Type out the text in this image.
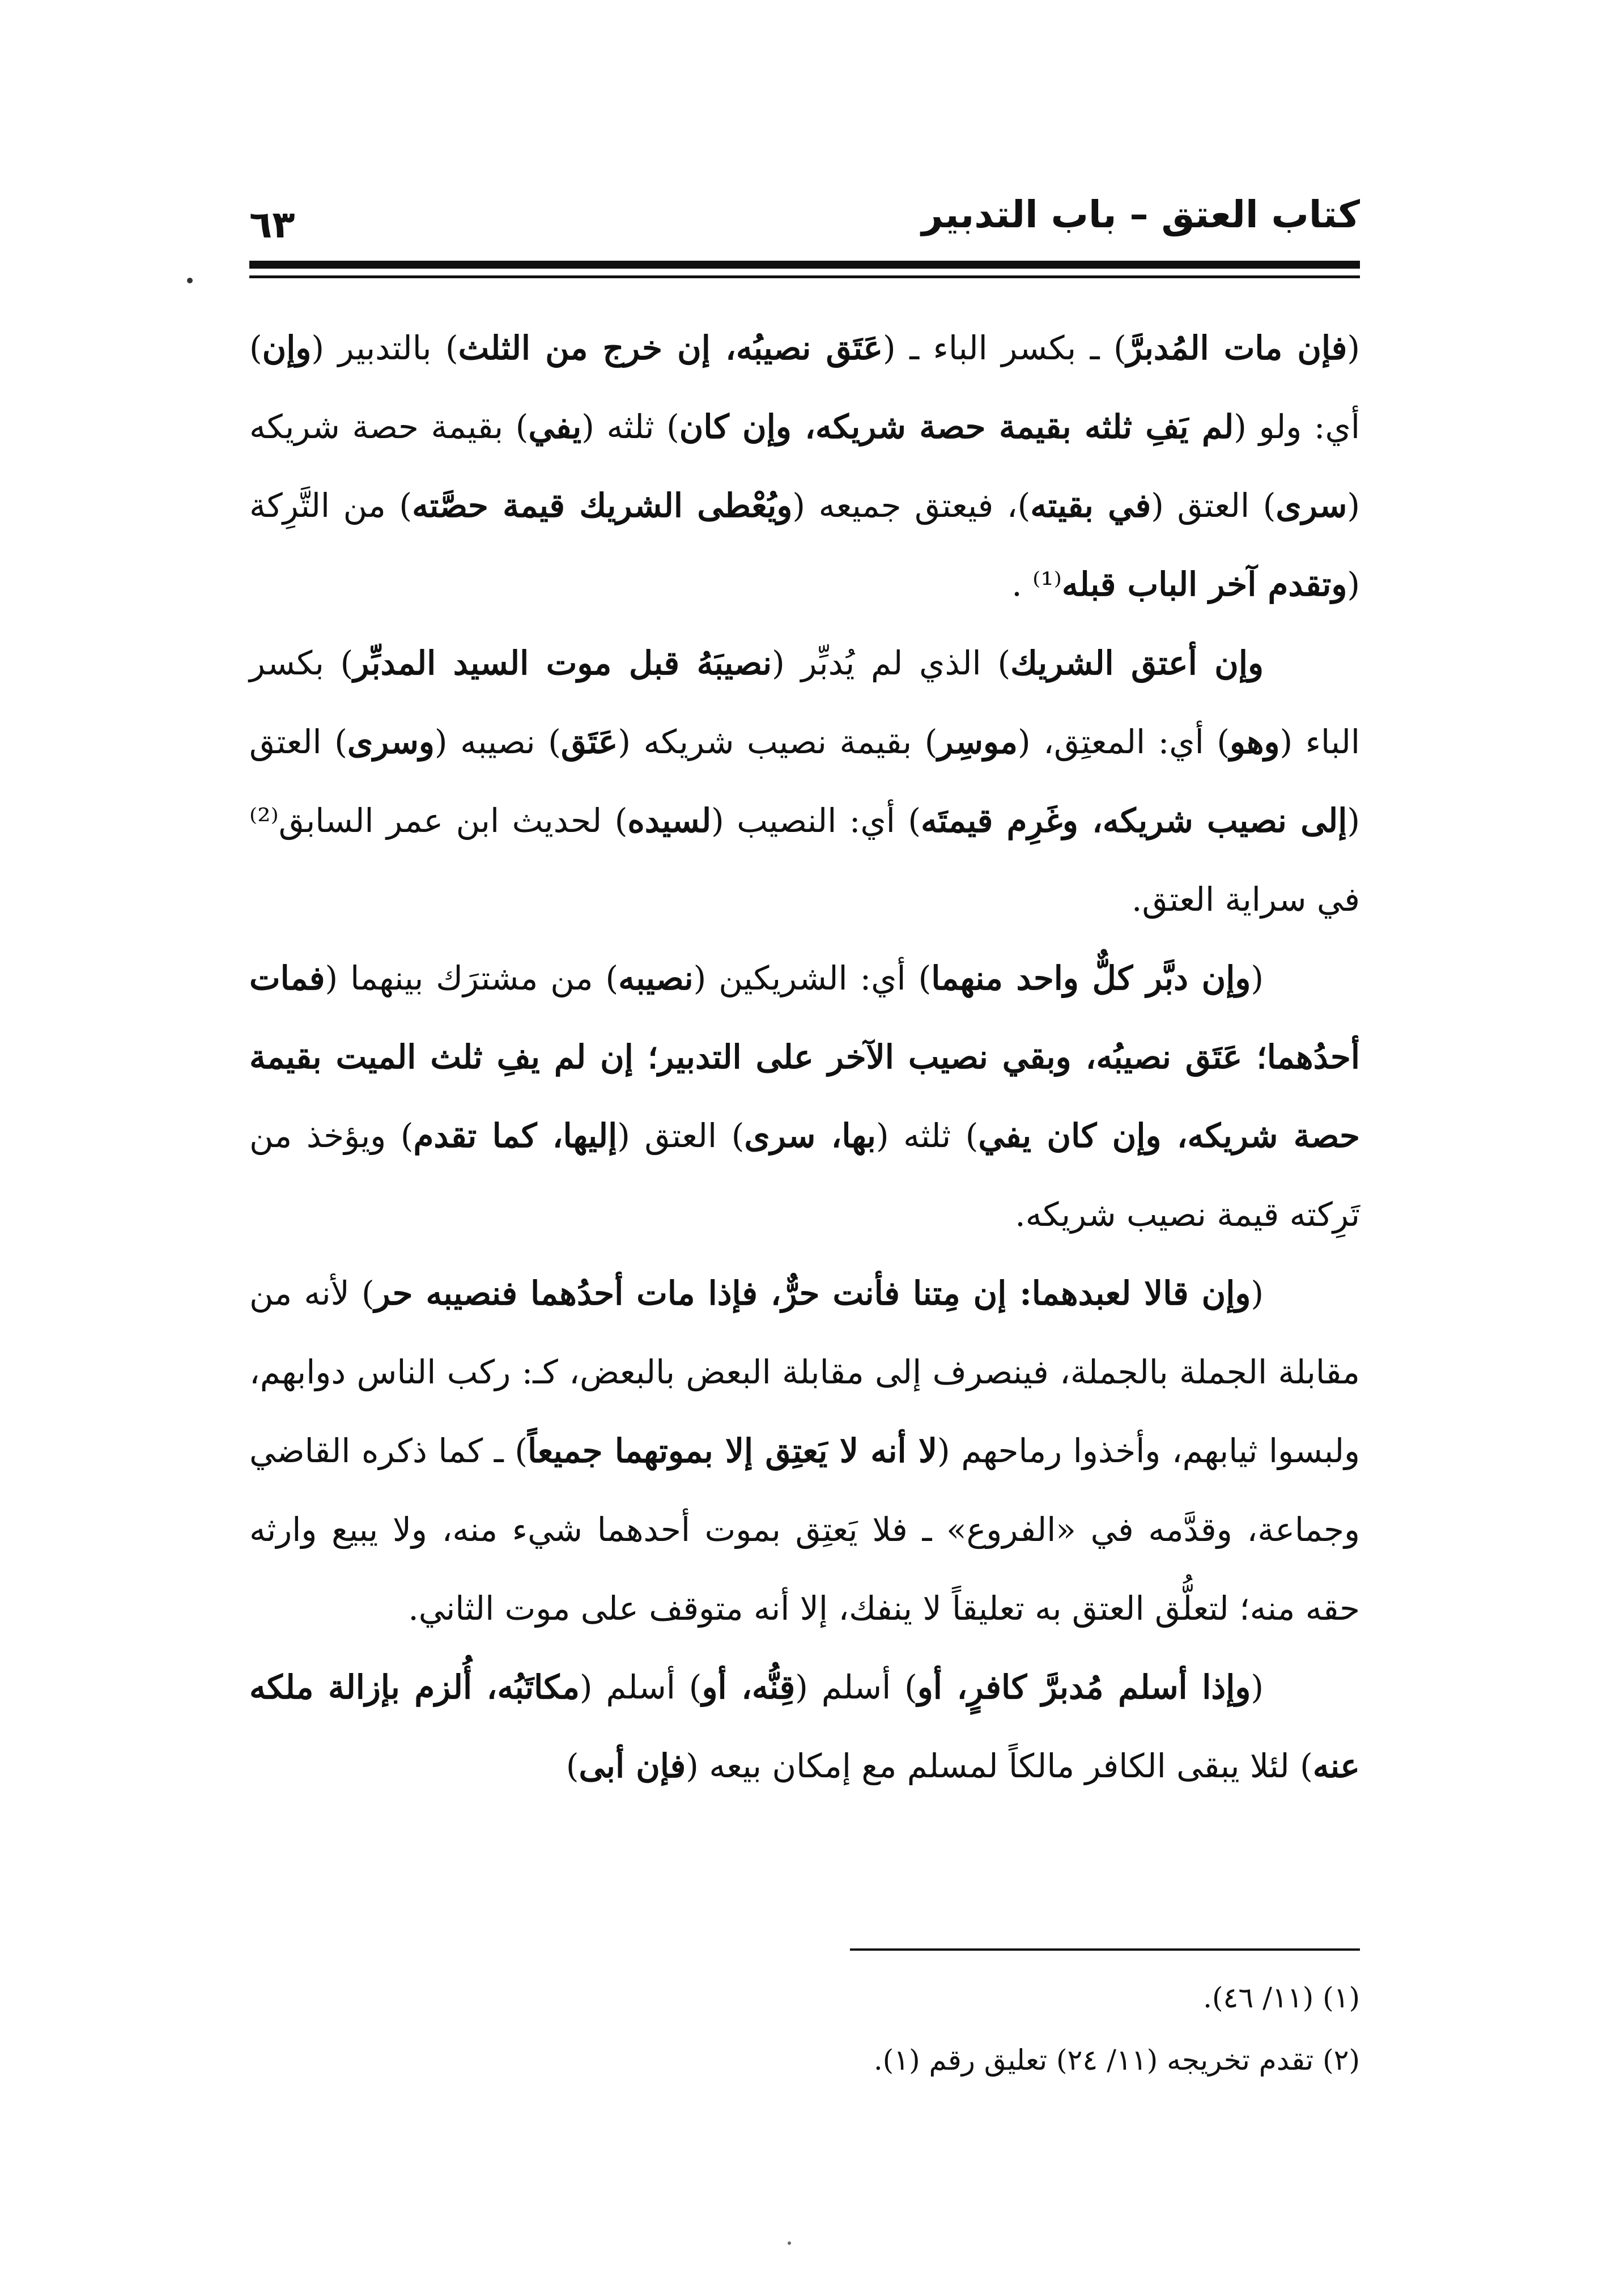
كتاب العتق – باب التدبير
٦٣

(فإن مات المُدبرَّ) ـ بكسر الباء ـ (عَتَق نصيبُه، إن خرج من الثلث) بالتدبير (وإن) أي: ولو (لم يَفِ ثلثه بقيمة حصة شريكه، وإن كان) ثلثه (يفي) بقيمة حصة شريكه (سرى) العتق (في بقيته)، فيعتق جميعه (ويُعْطى الشريك قيمة حصَّته) من التَّرِكة (وتقدم آخر الباب قبله⁽¹⁾ .

وإن أعتق الشريك) الذي لم يُدبِّر (نصيبَهُ قبل موت السيد المدبِّر) بكسر الباء (وهو) أي: المعتِق، (موسِر) بقيمة نصيب شريكه (عَتَق) نصيبه (وسرى) العتق (إلى نصيب شريكه، وغَرِم قيمتَه) أي: النصيب (لسيده) لحديث ابن عمر السابق⁽²⁾ في سراية العتق.

(وإن دبَّر كلٌّ واحد منهما) أي: الشريكين (نصيبه) من مشترَك بينهما (فمات أحدُهما؛ عَتَق نصيبُه، وبقي نصيب الآخر على التدبير؛ إن لم يفِ ثلث الميت بقيمة حصة شريكه، وإن كان يفي) ثلثه (بها، سرى) العتق (إليها، كما تقدم) ويؤخذ من تَرِكته قيمة نصيب شريكه.

(وإن قالا لعبدهما: إن مِتنا فأنت حرٌّ، فإذا مات أحدُهما فنصيبه حر) لأنه من مقابلة الجملة بالجملة، فينصرف إلى مقابلة البعض بالبعض، كـ: ركب الناس دوابهم، ولبسوا ثيابهم، وأخذوا رماحهم (لا أنه لا يَعتِق إلا بموتهما جميعاً) ـ كما ذكره القاضي وجماعة، وقدَّمه في «الفروع» ـ فلا يَعتِق بموت أحدهما شيء منه، ولا يبيع وارثه حقه منه؛ لتعلُّق العتق به تعليقاً لا ينفك، إلا أنه متوقف على موت الثاني.

(وإذا أسلم مُدبرَّ كافرٍ، أو) أسلم (قِنُّه، أو) أسلم (مكاتَبُه، أُلزم بإزالة ملكه عنه) لئلا يبقى الكافر مالكاً لمسلم مع إمكان بيعه (فإن أبى)

(١) (١١/ ٤٦).
(٢) تقدم تخريجه (١١/ ٢٤) تعليق رقم (١).
